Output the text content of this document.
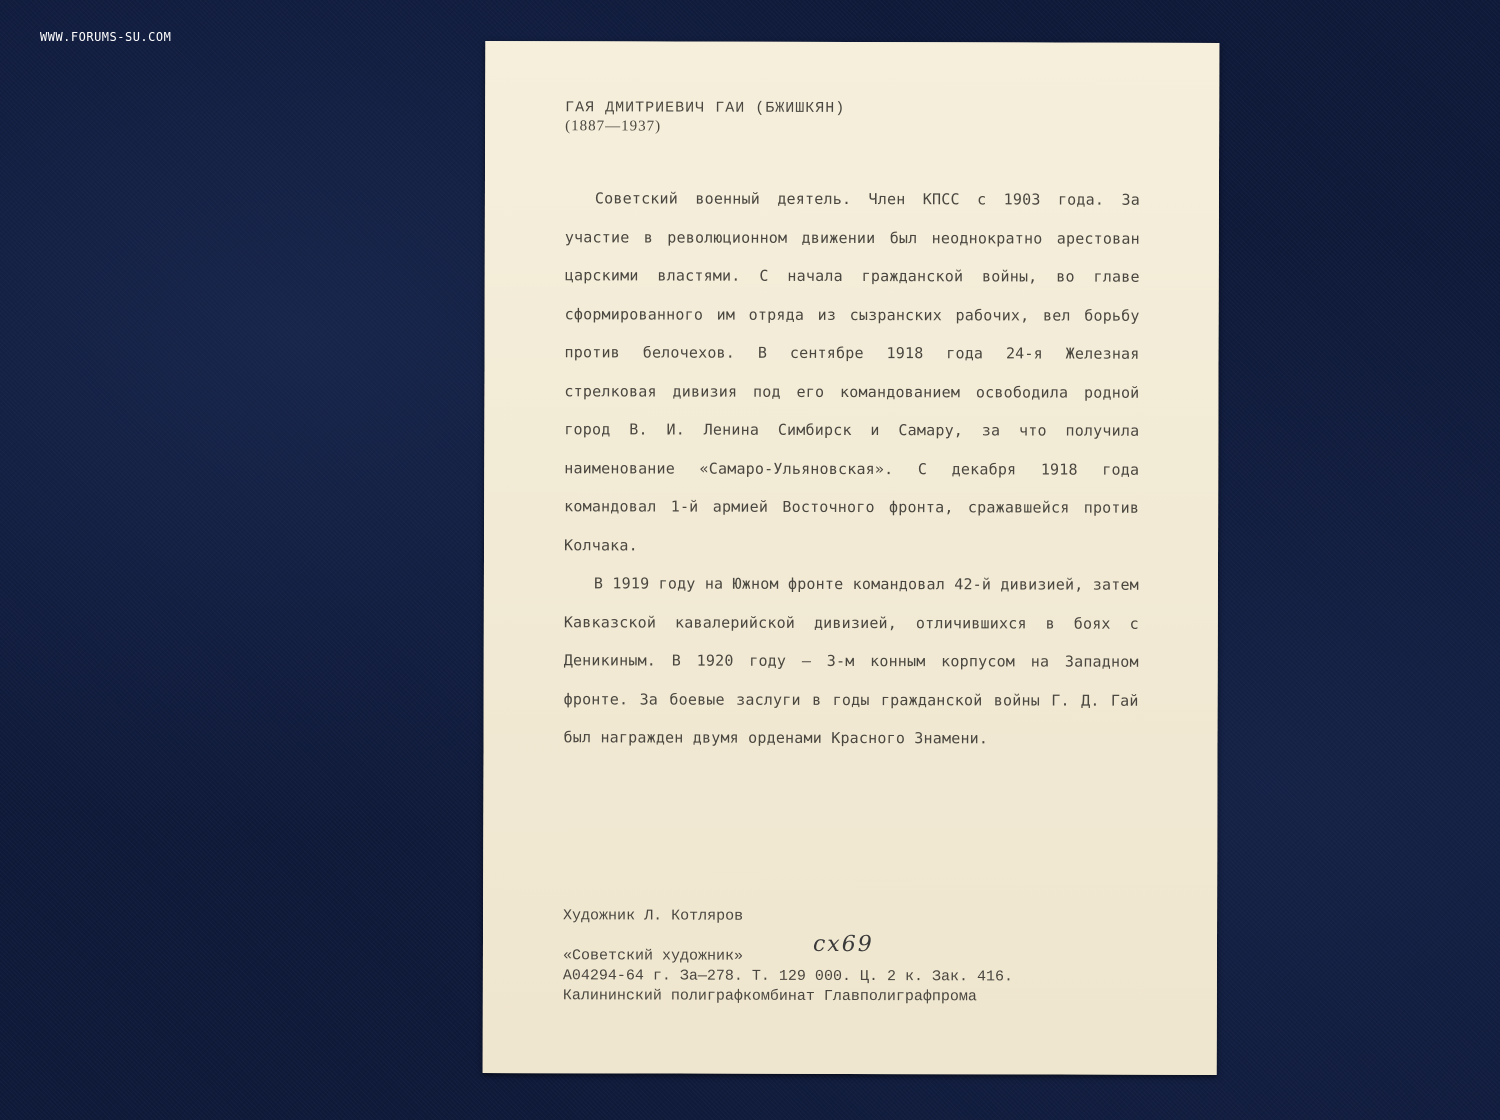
WWW.FORUMS-SU.COM
ГАЯ ДМИТРИЕВИЧ ГАИ (БЖИШКЯН)
(1887—1937)

Советский военный деятель. Член КПСС с 1903 года. За участие в революционном движении был неоднократно арестован царскими властями. С начала гражданской войны, во главе сформированного им отряда из сызранских рабочих, вел борьбу против белочехов. В сентябре 1918 года 24-я Железная стрелковая дивизия под его командованием освободила родной город В. И. Ленина Симбирск и Самару, за что получила наименование «Самаро-Ульяновская». С декабря 1918 года командовал 1-й армией Восточного фронта, сражавшейся против Колчака.

В 1919 году на Южном фронте командовал 42-й дивизией, затем Кавказской кавалерийской дивизией, отличившихся в боях с Деникиным. В 1920 году — 3-м конным корпусом на Западном фронте. За боевые заслуги в годы гражданской войны Г. Д. Гай был награжден двумя орденами Красного Знамени.

Художник Л. Котляров
«Советский художник»
А04294-64 г. За—278. Т. 129 000. Ц. 2 к. Зак. 416.
Калининский полиграфкомбинат Главполиграфпрома
сх69
